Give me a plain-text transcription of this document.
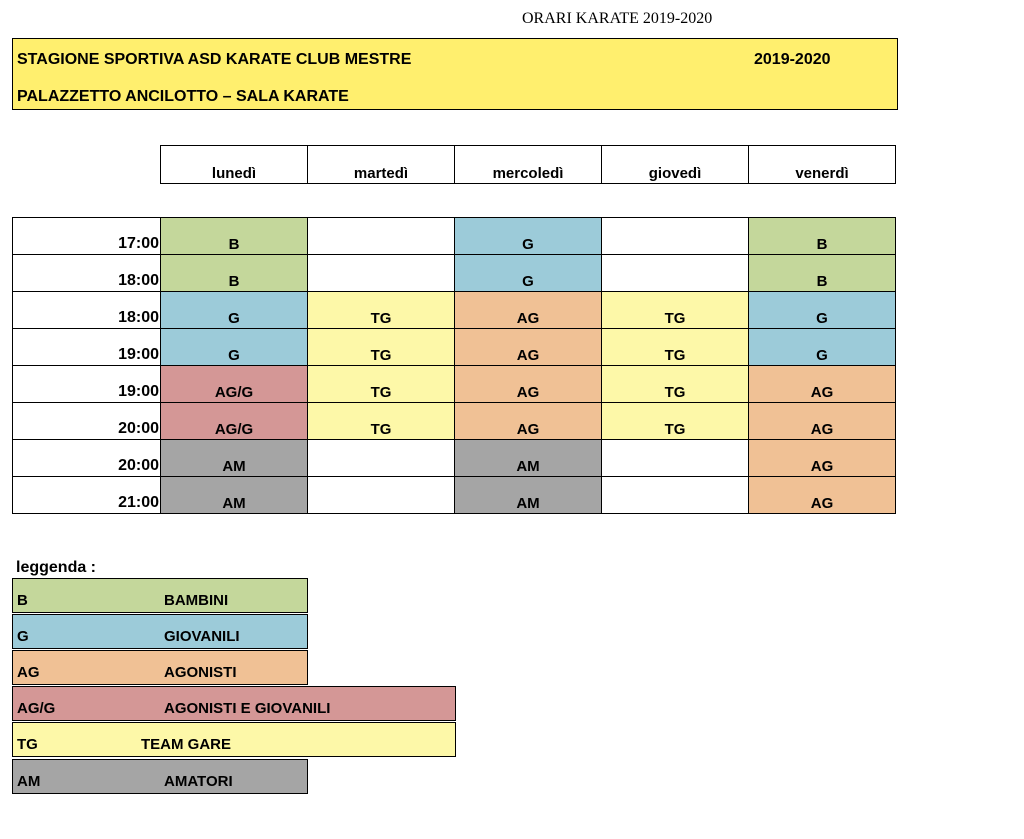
ORARI KARATE 2019-2020
STAGIONE SPORTIVA ASD KARATE CLUB MESTRE	2019-2020
PALAZZETTO ANCILOTTO – SALA KARATE
lunedì	martedì	mercoledì	giovedì	venerdì
17:00	B		G		B
18:00	B		G		B
18:00	G	TG	AG	TG	G
19:00	G	TG	AG	TG	G
19:00	AG/G	TG	AG	TG	AG
20:00	AG/G	TG	AG	TG	AG
20:00	AM		AM		AG
21:00	AM		AM		AG
leggenda :
B	BAMBINI
G	GIOVANILI
AG	AGONISTI
AG/G	AGONISTI E GIOVANILI
TG	TEAM GARE
AM	AMATORI
